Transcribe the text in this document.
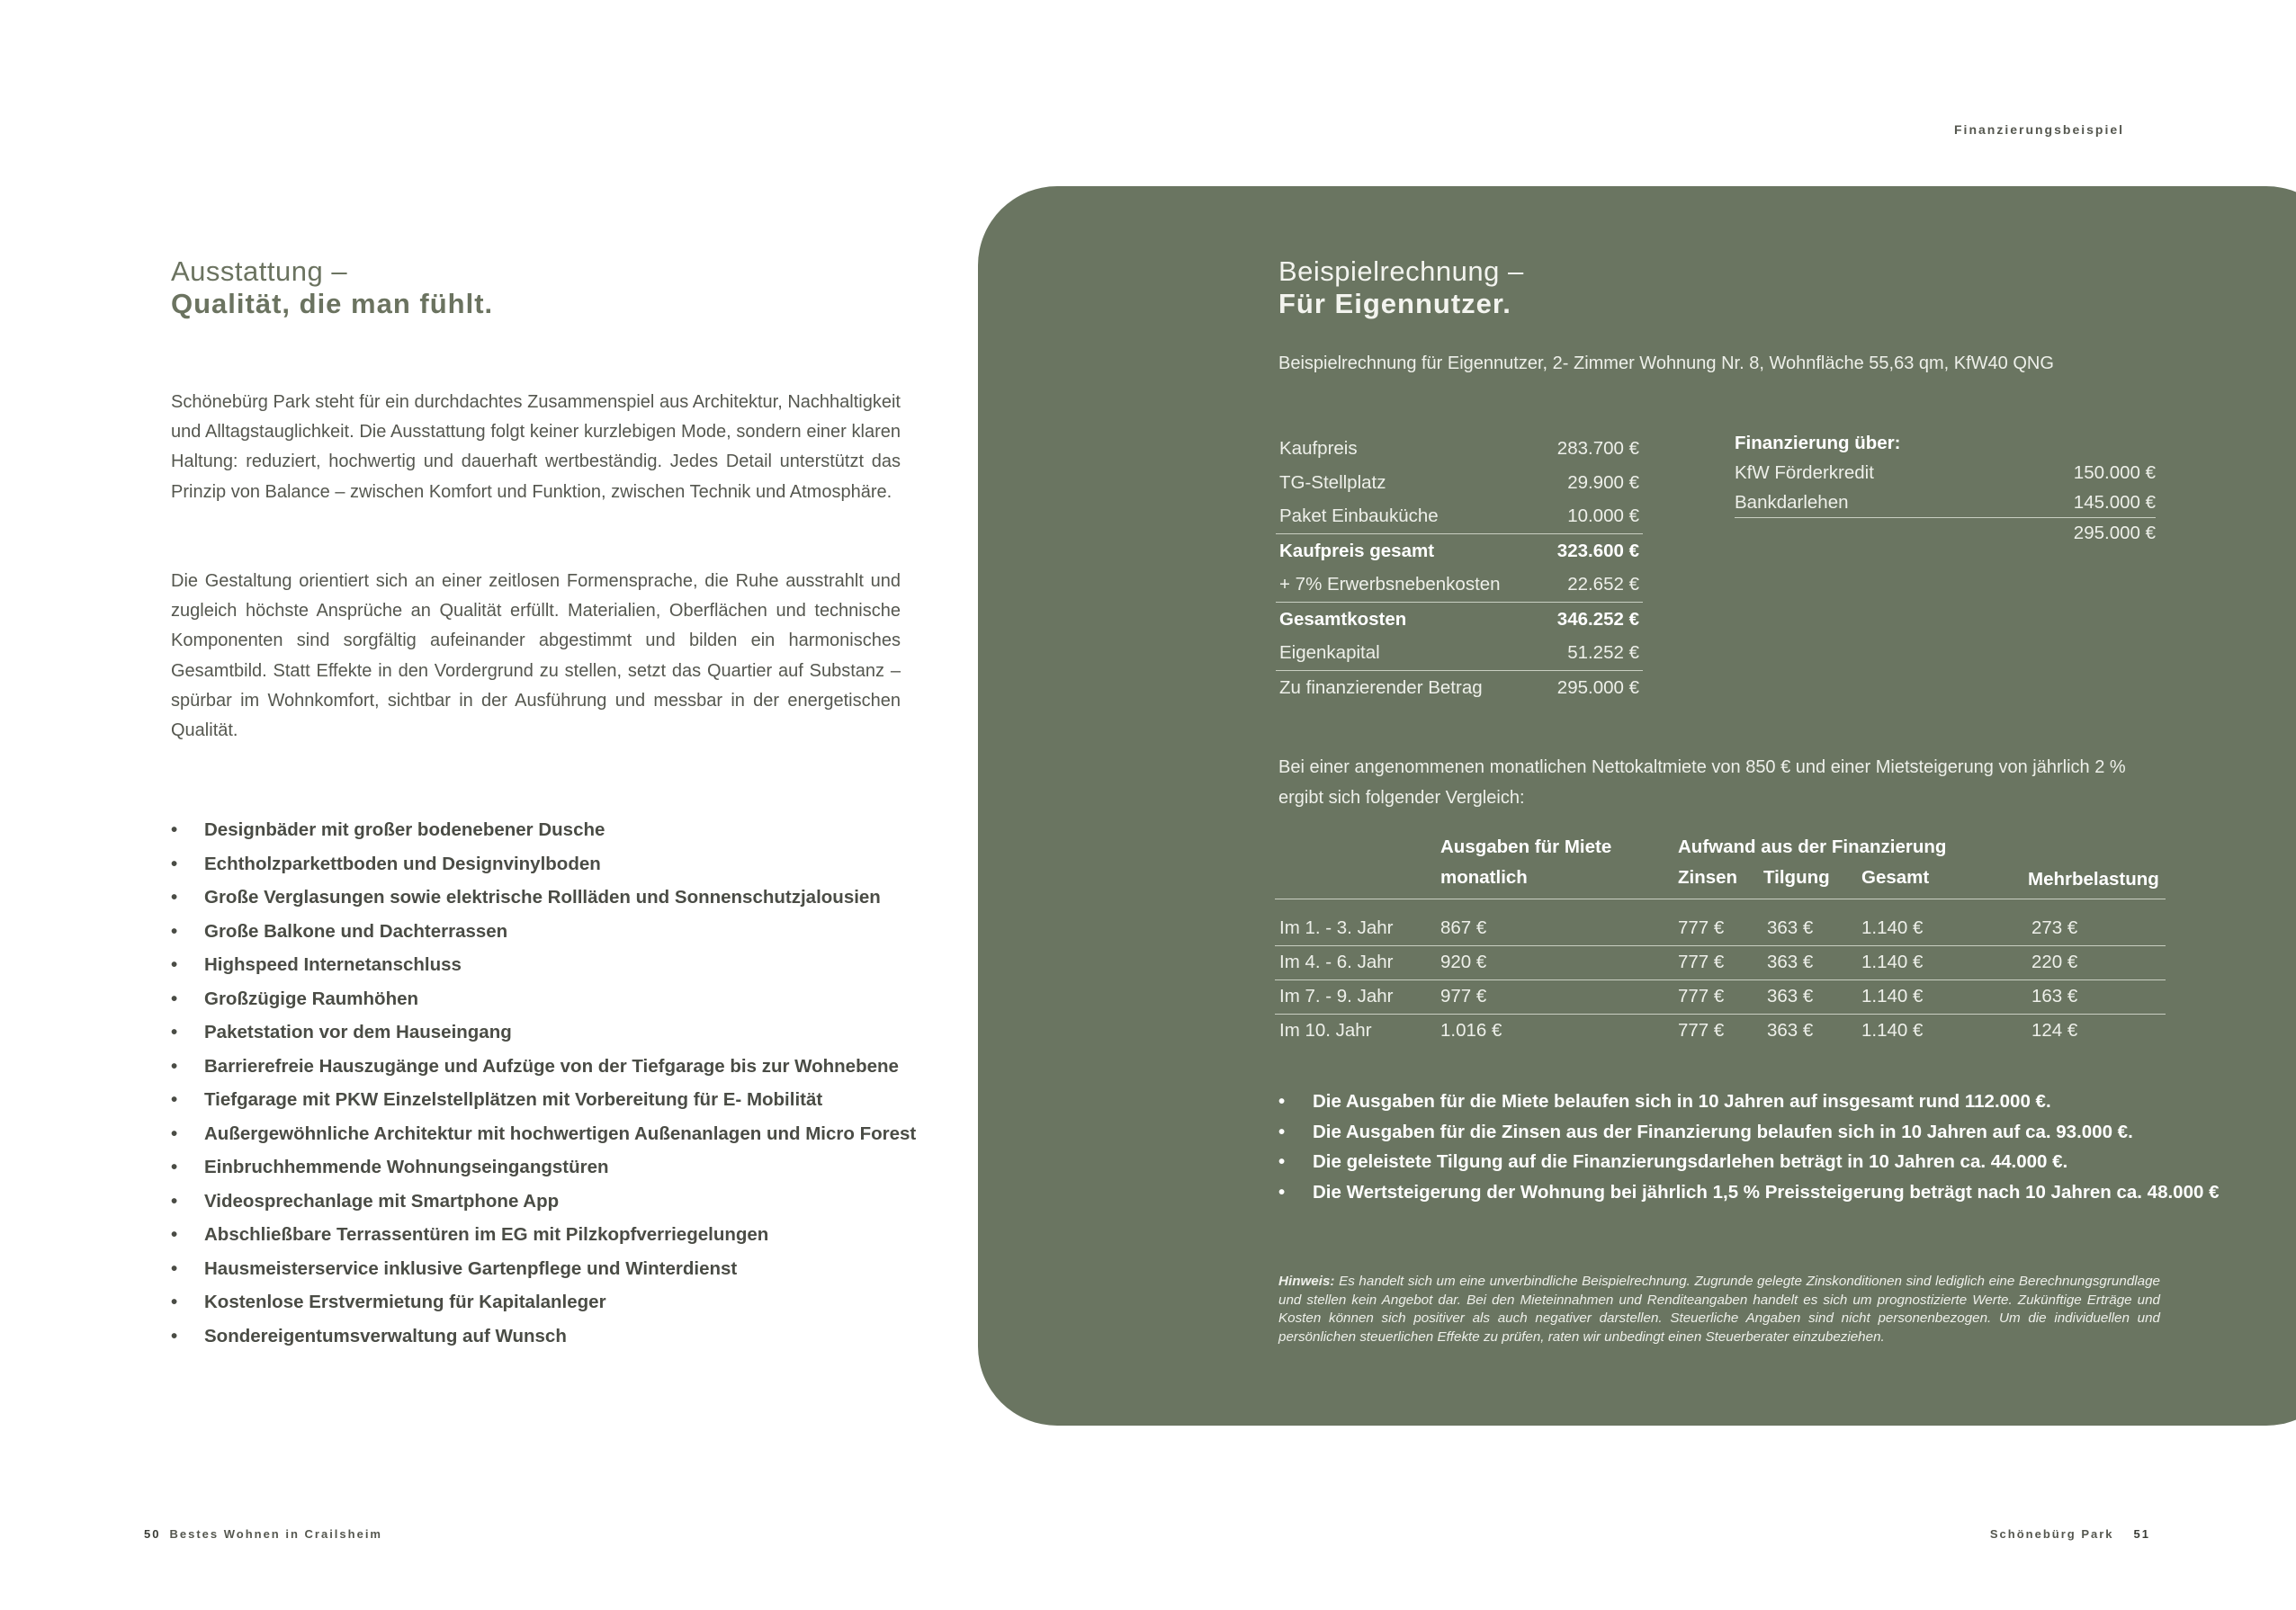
Finanzierungsbeispiel
Ausstattung –
Qualität, die man fühlt.
Schönebürg Park steht für ein durchdachtes Zusammenspiel aus Architektur, Nachhaltigkeit und Alltagstauglichkeit. Die Ausstattung folgt keiner kurzlebigen Mode, sondern einer klaren Haltung: reduziert, hochwertig und dauerhaft wertbeständig. Jedes Detail unterstützt das Prinzip von Balance – zwischen Komfort und Funktion, zwischen Technik und Atmosphäre.
Die Gestaltung orientiert sich an einer zeitlosen Formensprache, die Ruhe ausstrahlt und zugleich höchste Ansprüche an Qualität erfüllt. Materialien, Oberflächen und technische Komponenten sind sorgfältig aufeinander abgestimmt und bilden ein harmonisches Gesamtbild. Statt Effekte in den Vordergrund zu stellen, setzt das Quartier auf Substanz – spürbar im Wohnkomfort, sichtbar in der Ausführung und messbar in der energetischen Qualität.
• Designbäder mit großer bodenebener Dusche
• Echtholzparkettboden und Designvinylboden
• Große Verglasungen sowie elektrische Rollläden und Sonnenschutzjalousien
• Große Balkone und Dachterrassen
• Highspeed Internetanschluss
• Großzügige Raumhöhen
• Paketstation vor dem Hauseingang
• Barrierefreie Hauszugänge und Aufzüge von der Tiefgarage bis zur Wohnebene
• Tiefgarage mit PKW Einzelstellplätzen mit Vorbereitung für E- Mobilität
• Außergewöhnliche Architektur mit hochwertigen Außenanlagen und Micro Forest
• Einbruchhemmende Wohnungseingangstüren
• Videosprechanlage mit Smartphone App
• Abschließbare Terrassentüren im EG mit Pilzkopfverriegelungen
• Hausmeisterservice inklusive Gartenpflege und Winterdienst
• Kostenlose Erstvermietung für Kapitalanleger
• Sondereigentumsverwaltung auf Wunsch
Beispielrechnung –
Für Eigennutzer.
Beispielrechnung für Eigennutzer, 2- Zimmer Wohnung Nr. 8, Wohnfläche 55,63 qm, KfW40 QNG
Kaufpreis	283.700 €
TG-Stellplatz	29.900 €
Paket Einbauküche	10.000 €
Kaufpreis gesamt	323.600 €
+ 7% Erwerbsnebenkosten	22.652 €
Gesamtkosten	346.252 €
Eigenkapital	51.252 €
Zu finanzierender Betrag	295.000 €
Finanzierung über:
KfW Förderkredit	150.000 €
Bankdarlehen	145.000 €
295.000 €
Bei einer angenommenen monatlichen Nettokaltmiete von 850 € und einer Mietsteigerung von jährlich 2 % ergibt sich folgender Vergleich:
Ausgaben für Miete
monatlich
Aufwand aus der Finanzierung
Zinsen Tilgung Gesamt	Mehrbelastung
Im 1. - 3. Jahr	867 €	777 € 363 €	1.140 €	273 €
Im 4. - 6. Jahr	920 €	777 € 363 €	1.140 €	220 €
Im 7. - 9. Jahr	977 €	777 € 363 €	1.140 €	163 €
Im 10. Jahr	1.016 €	777 € 363 €	1.140 €	124 €
• Die Ausgaben für die Miete belaufen sich in 10 Jahren auf insgesamt rund 112.000 €.
• Die Ausgaben für die Zinsen aus der Finanzierung belaufen sich in 10 Jahren auf ca. 93.000 €.
• Die geleistete Tilgung auf die Finanzierungsdarlehen beträgt in 10 Jahren ca. 44.000 €.
• Die Wertsteigerung der Wohnung bei jährlich 1,5 % Preissteigerung beträgt nach 10 Jahren ca. 48.000 €
Hinweis: Es handelt sich um eine unverbindliche Beispielrechnung. Zugrunde gelegte Zinskonditionen sind lediglich eine Berechnungsgrundlage und stellen kein Angebot dar. Bei den Mieteinnahmen und Renditeangaben handelt es sich um prognostizierte Werte. Zukünftige Erträge und Kosten können sich positiver als auch negativer darstellen. Steuerliche Angaben sind nicht personenbezogen. Um die individuellen und persönlichen steuerlichen Effekte zu prüfen, raten wir unbedingt einen Steuerberater einzubeziehen.
50 Bestes Wohnen in Crailsheim	Schönebürg Park 51
